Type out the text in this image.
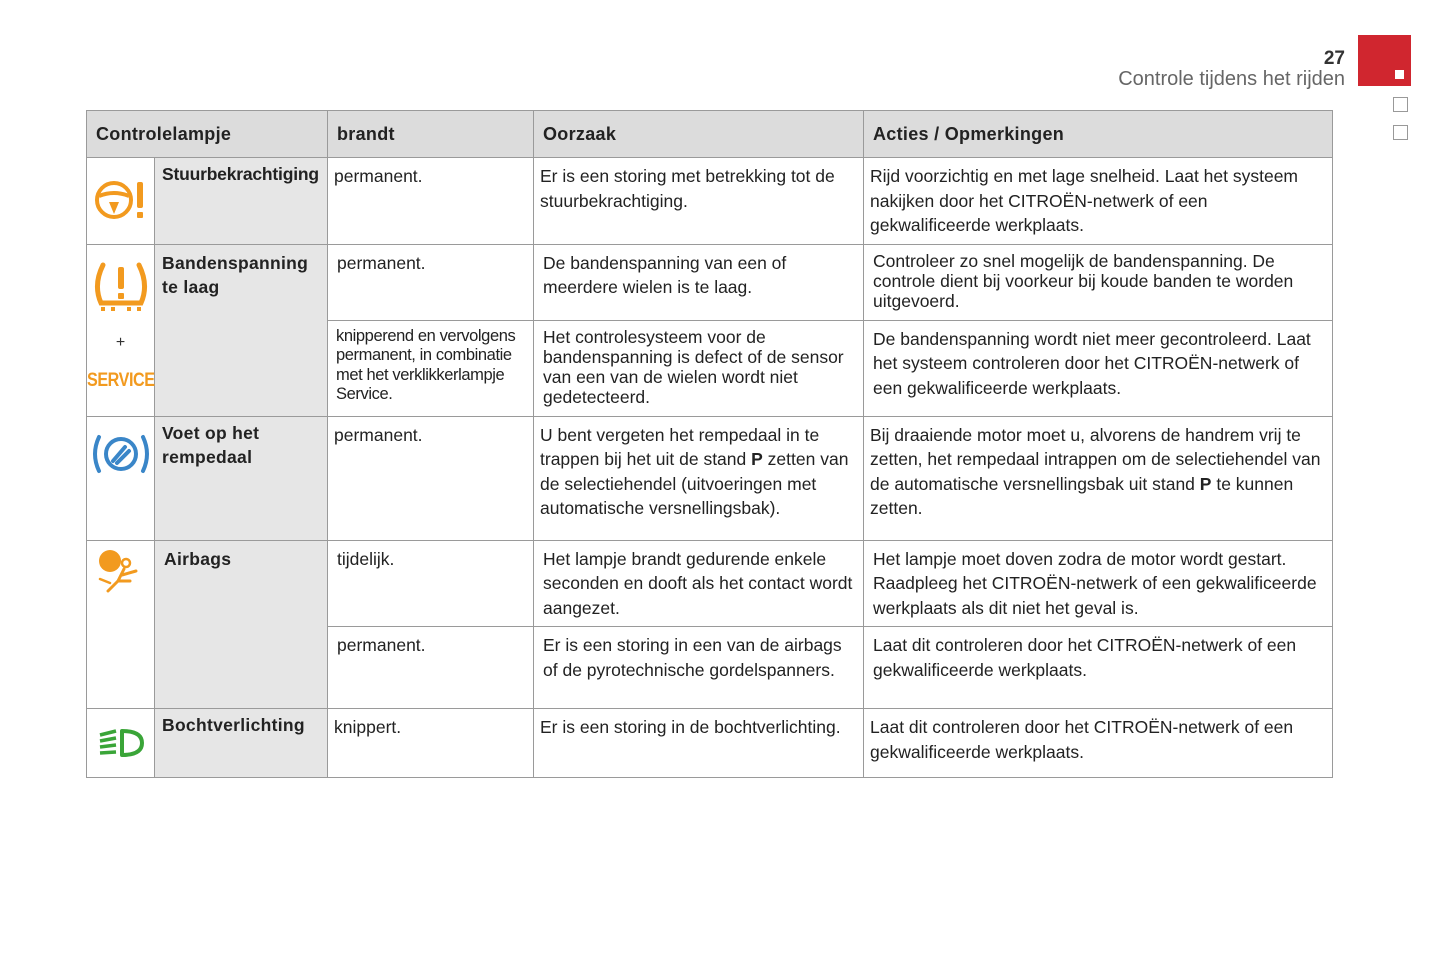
27
Controle tijdens het rijden
Controlelampje		brandt	Oorzaak	Acties / Opmerkingen

	Stuurbekrachtiging	permanent.	Er is een storing met betrekking tot de stuurbekrachtiging.	Rijd voorzichtig en met lage snelheid. Laat het systeem nakijken door het CITROËN-netwerk of een gekwalificeerde werkplaats.

+
SERVICE	Bandenspanning te laag	permanent.	De bandenspanning van een of meerdere wielen is te laag.	Controleer zo snel mogelijk de bandenspanning. De controle dient bij voorkeur bij koude banden te worden uitgevoerd.
		knipperend en vervolgens permanent, in combinatie met het verklikkerlampje Service.	Het controlesysteem voor de bandenspanning is defect of de sensor van een van de wielen wordt niet gedetecteerd.	De bandenspanning wordt niet meer gecontroleerd. Laat het systeem controleren door het CITROËN-netwerk of een gekwalificeerde werkplaats.

	Voet op het rempedaal	permanent.	U bent vergeten het rempedaal in te trappen bij het uit de stand P zetten van de selectiehendel (uitvoeringen met automatische versnellingsbak).	Bij draaiende motor moet u, alvorens de handrem vrij te zetten, het rempedaal intrappen om de selectiehendel van de automatische versnellingsbak uit stand P te kunnen zetten.

	Airbags	tijdelijk.	Het lampje brandt gedurende enkele seconden en dooft als het contact wordt aangezet.	Het lampje moet doven zodra de motor wordt gestart. Raadpleeg het CITROËN-netwerk of een gekwalificeerde werkplaats als dit niet het geval is.
		permanent.	Er is een storing in een van de airbags of de pyrotechnische gordelspanners.	Laat dit controleren door het CITROËN-netwerk of een gekwalificeerde werkplaats.

	Bochtverlichting	knippert.	Er is een storing in de bochtverlichting.	Laat dit controleren door het CITROËN-netwerk of een gekwalificeerde werkplaats.
